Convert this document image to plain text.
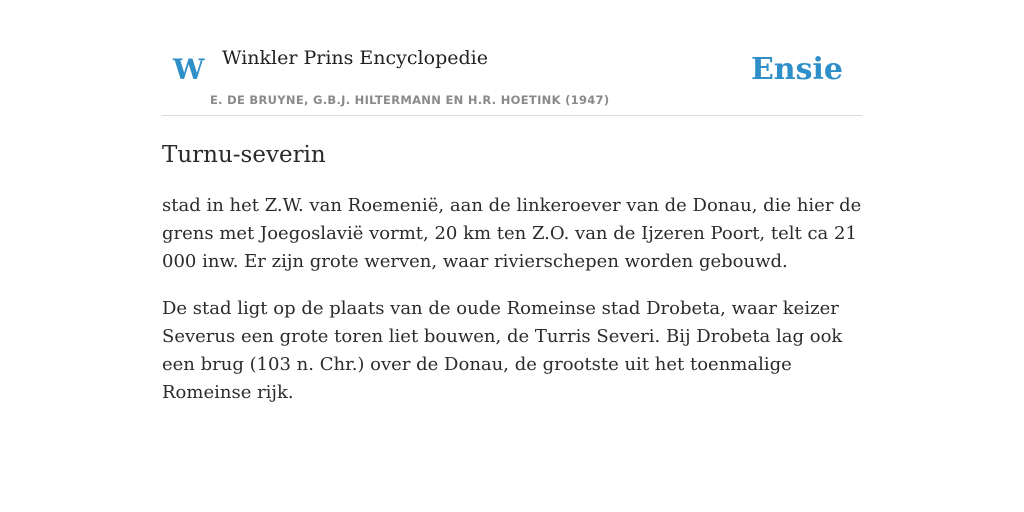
W Winkler Prins Encyclopedie
E. DE BRUYNE, G.B.J. HILTERMANN EN H.R. HOETINK (1947)
Ensie
Turnu-severin

stad in het Z.W. van Roemenië, aan de linkeroever van de Donau, die hier de grens met Joegoslavië vormt, 20 km ten Z.O. van de Ijzeren Poort, telt ca 21 000 inw. Er zijn grote werven, waar rivierschepen worden gebouwd.

De stad ligt op de plaats van de oude Romeinse stad Drobeta, waar keizer Severus een grote toren liet bouwen, de Turris Severi. Bij Drobeta lag ook een brug (103 n. Chr.) over de Donau, de grootste uit het toenmalige Romeinse rijk.
